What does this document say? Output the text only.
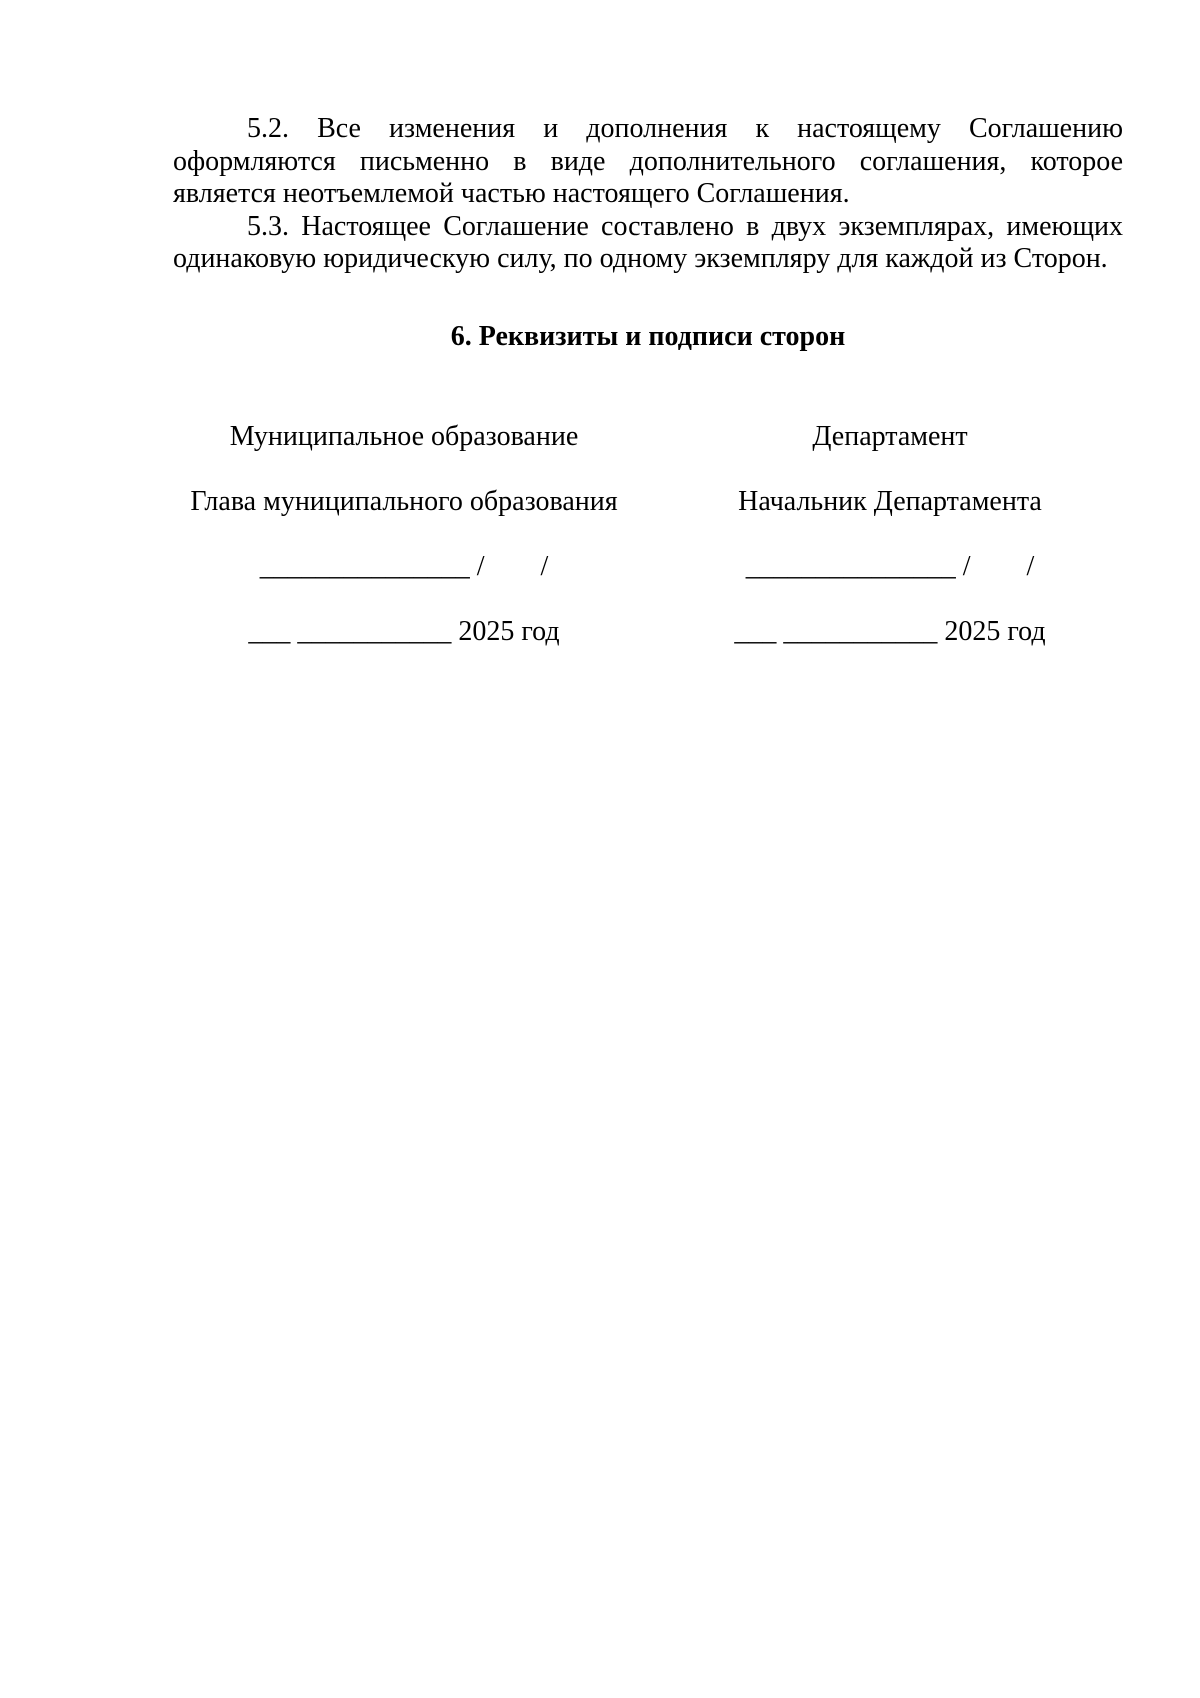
5.2. Все изменения и дополнения к настоящему Соглашению оформляются письменно в виде дополнительного соглашения, которое является неотъемлемой частью настоящего Соглашения.

5.3. Настоящее Соглашение составлено в двух экземплярах, имеющих одинаковую юридическую силу, по одному экземпляру для каждой из Сторон.

6. Реквизиты и подписи сторон
Муниципальное образование
Глава муниципального образования
_______________ /        /
___ ___________ 2025 год
Департамент
Начальник Департамента
_______________ /        /
___ ___________ 2025 год
